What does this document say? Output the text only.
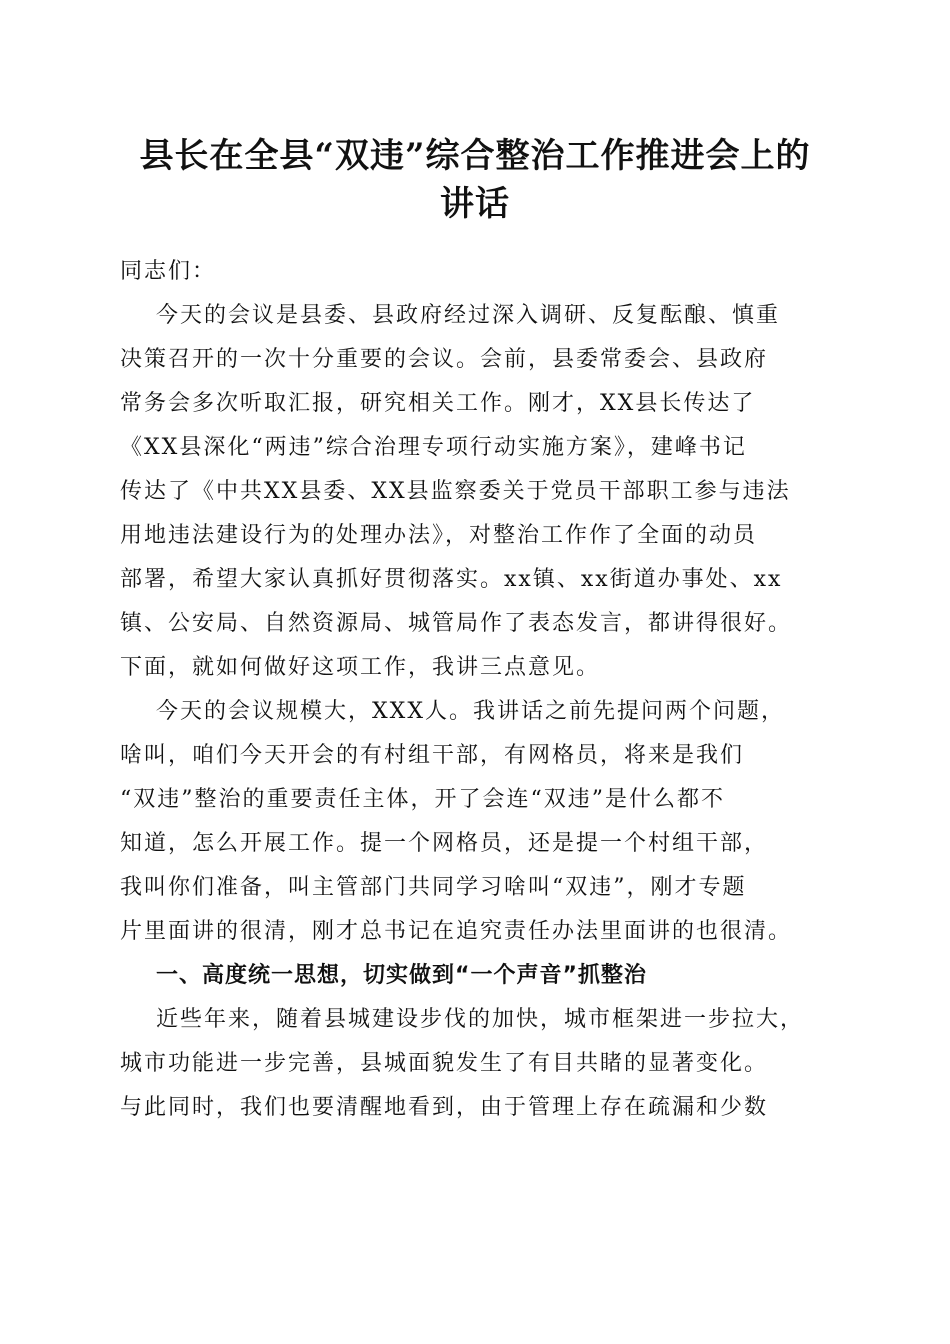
县长在全县“双违”综合整治工作推进会上的
讲话
同志们：
今天的会议是县委、县政府经过深入调研、反复酝酿、慎重
决策召开的一次十分重要的会议。会前，县委常委会、县政府
常务会多次听取汇报，研究相关工作。刚才，XX县长传达了
《XX县深化“两违”综合治理专项行动实施方案》，建峰书记
传达了《中共XX县委、XX县监察委关于党员干部职工参与违法
用地违法建设行为的处理办法》，对整治工作作了全面的动员
部署，希望大家认真抓好贯彻落实。xx镇、xx街道办事处、xx
镇、公安局、自然资源局、城管局作了表态发言，都讲得很好。
下面，就如何做好这项工作，我讲三点意见。
今天的会议规模大，XXX人。我讲话之前先提问两个问题，
啥叫，咱们今天开会的有村组干部，有网格员，将来是我们
“双违”整治的重要责任主体，开了会连“双违”是什么都不
知道，怎么开展工作。提一个网格员，还是提一个村组干部，
我叫你们准备，叫主管部门共同学习啥叫“双违”，刚才专题
片里面讲的很清，刚才总书记在追究责任办法里面讲的也很清。
一、高度统一思想，切实做到“一个声音”抓整治
近些年来，随着县城建设步伐的加快，城市框架进一步拉大，
城市功能进一步完善，县城面貌发生了有目共睹的显著变化。
与此同时，我们也要清醒地看到，由于管理上存在疏漏和少数
